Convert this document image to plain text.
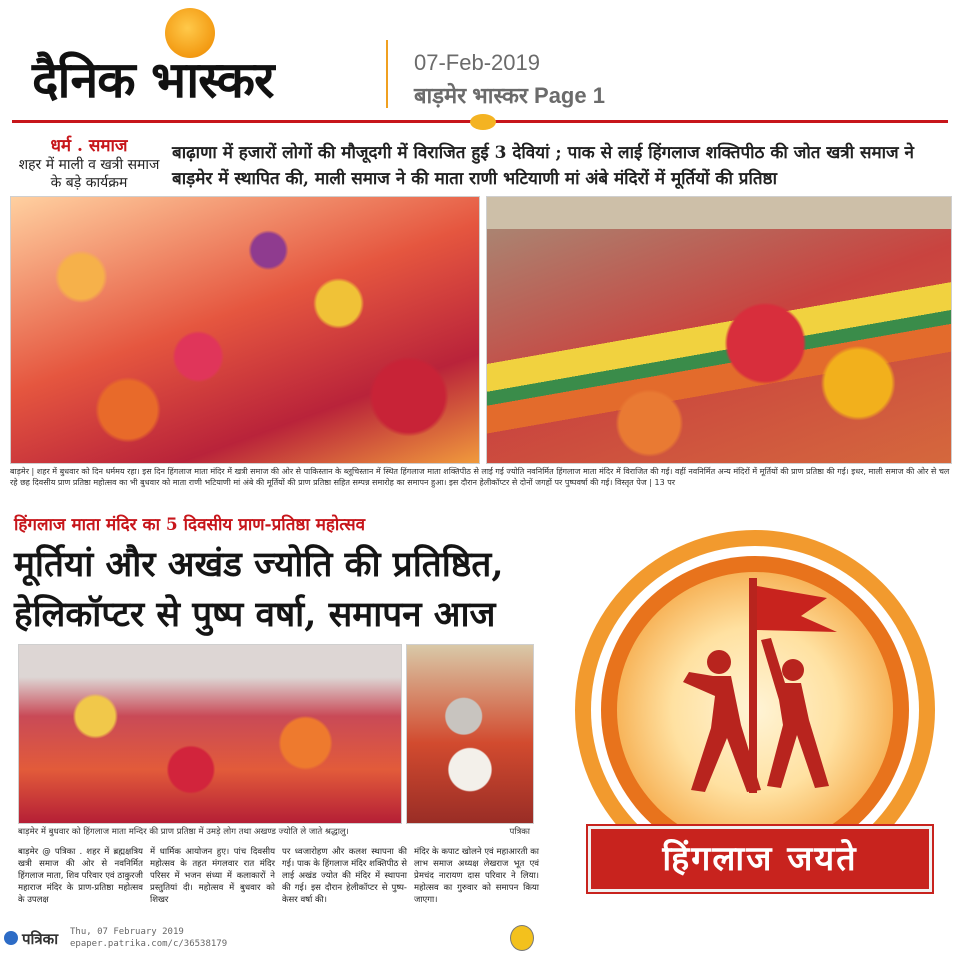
दैनिक भास्कर	07-Feb-2019
बाड़मेर भास्कर Page 1
धर्म . समाज
शहर में माली व खत्री समाज के बड़े कार्यक्रम
बाढ़ाणा में हजारों लोगों की मौजूदगी में विराजित हुई 3 देवियां ; पाक से लाई हिंगलाज शक्तिपीठ की जोत खत्री समाज ने बाड़मेर में स्थापित की, माली समाज ने की माता राणी भटियाणी मां अंबे मंदिरों में मूर्तियों की प्रतिष्ठा
बाड़मेर | शहर में बुधवार को दिन धर्ममय रहा। इस दिन हिंगलाज माता मंदिर में खत्री समाज की ओर से पाकिस्तान के ब्लूचिस्तान में स्थित हिंगलाज माता शक्तिपीठ से लाई गई ज्योति नवनिर्मित हिंगलाज माता मंदिर में विराजित की गई। वहीं नवनिर्मित अन्य मंदिरों में मूर्तियों की प्राण प्रतिष्ठा की गई। इधर, माली समाज की ओर से चल रहे छह दिवसीय प्राण प्रतिष्ठा महोत्सव का भी बुधवार को माता राणी भटियाणी मां अंबे की मूर्तियों की प्राण प्रतिष्ठा सहित सम्पन्न समारोह का समापन हुआ। इस दौरान हेलीकॉप्टर से दोनों जगहों पर पुष्पवर्षा की गई। विस्तृत पेज | 13 पर
हिंगलाज माता मंदिर का 5 दिवसीय प्राण-प्रतिष्ठा महोत्सव
मूर्तियां और अखंड ज्योति की प्रतिष्ठित, हेलिकॉप्टर से पुष्प वर्षा, समापन आज
बाड़मेर में बुधवार को हिंगलाज माता मन्दिर की प्राण प्रतिष्ठा में उमड़े लोग तथा अखण्ड ज्योति ले जाते श्रद्धालु।	पत्रिका
बाड़मेर @ पत्रिका . शहर में ब्रह्मक्षत्रिय खत्री समाज की ओर से नवनिर्मित हिंगलाज माता, शिव परिवार एवं ठाकुरजी महाराज मंदिर के प्राण-प्रतिष्ठा महोत्सव के उपलक्ष
में धार्मिक आयोजन हुए। पांच दिवसीय महोत्सव के तहत मंगलवार रात मंदिर परिसर में भजन संध्या में कलाकारों ने प्रस्तुतियां दी। महोत्सव में बुधवार को शिखर
पर ध्वजारोहण और कलश स्थापना की गई। पाक के हिंगलाज मंदिर शक्तिपीठ से लाई अखंड ज्योत की मंदिर में स्थापना की गई। इस दौरान हेलीकॉप्टर से पुष्प-केसर वर्षा की।
मंदिर के कपाट खोलने एवं महाआरती का लाभ समाज अध्यक्ष लेखराज भूत एवं प्रेमचंद नारायण दास परिवार ने लिया। महोत्सव का गुरुवार को समापन किया जाएगा।
पत्रिका Thu, 07 February 2019
epaper.patrika.com/c/36538179
हिंगलाज जयते
